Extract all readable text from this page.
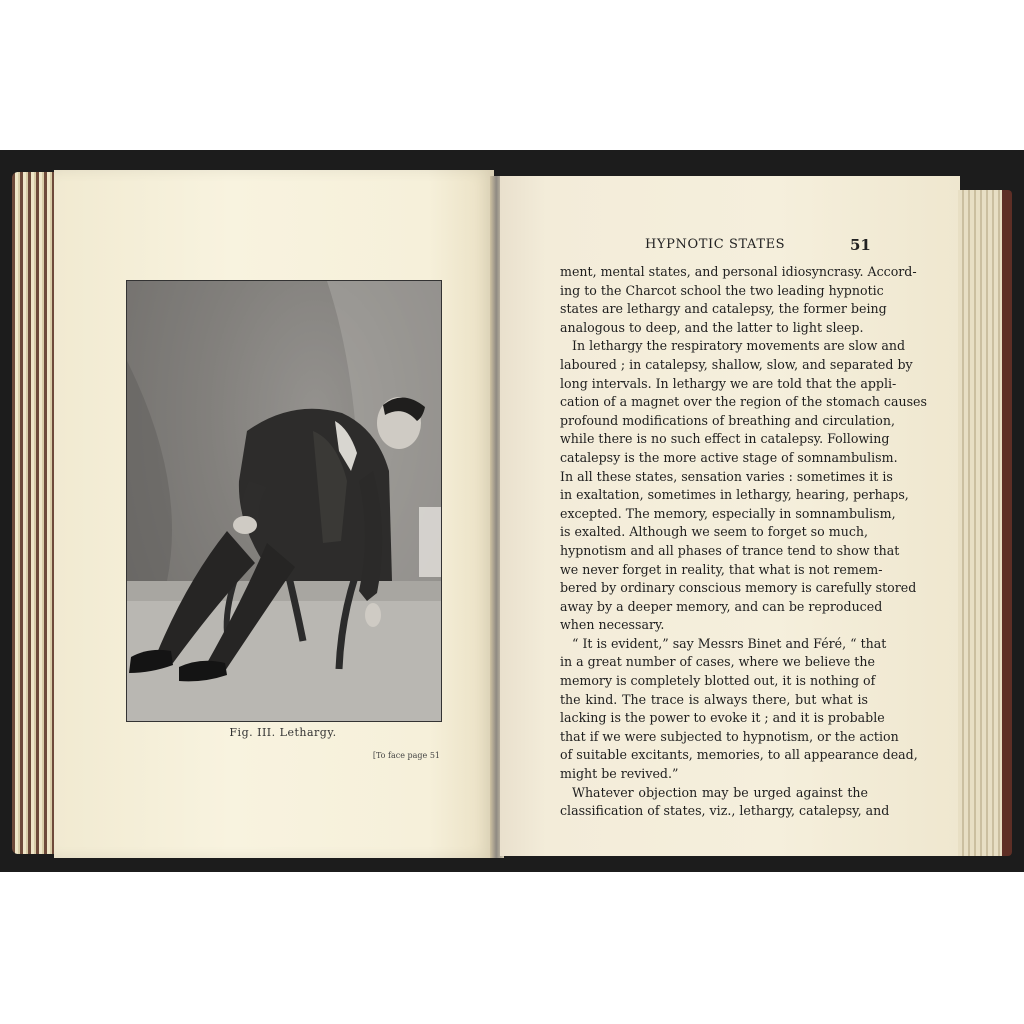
Fig. III. Lethargy.
[To face page 51
HYPNOTIC STATES	51
ment, mental states, and personal idiosyncrasy. Accord-
ing to the Charcot school the two leading hypnotic
states are lethargy and catalepsy, the former being
analogous to deep, and the latter to light sleep.
In lethargy the respiratory movements are slow and
laboured ; in catalepsy, shallow, slow, and separated by
long intervals. In lethargy we are told that the appli-
cation of a magnet over the region of the stomach causes
profound modifications of breathing and circulation,
while there is no such effect in catalepsy. Following
catalepsy is the more active stage of somnambulism.
In all these states, sensation varies : sometimes it is
in exaltation, sometimes in lethargy, hearing, perhaps,
excepted. The memory, especially in somnambulism,
is exalted. Although we seem to forget so much,
hypnotism and all phases of trance tend to show that
we never forget in reality, that what is not remem-
bered by ordinary conscious memory is carefully stored
away by a deeper memory, and can be reproduced
when necessary.
“ It is evident,” say Messrs Binet and Féré, “ that
in a great number of cases, where we believe the
memory is completely blotted out, it is nothing of
the kind. The trace is always there, but what is
lacking is the power to evoke it ; and it is probable
that if we were subjected to hypnotism, or the action
of suitable excitants, memories, to all appearance dead,
might be revived.”
Whatever objection may be urged against the
classification of states, viz., lethargy, catalepsy, and
